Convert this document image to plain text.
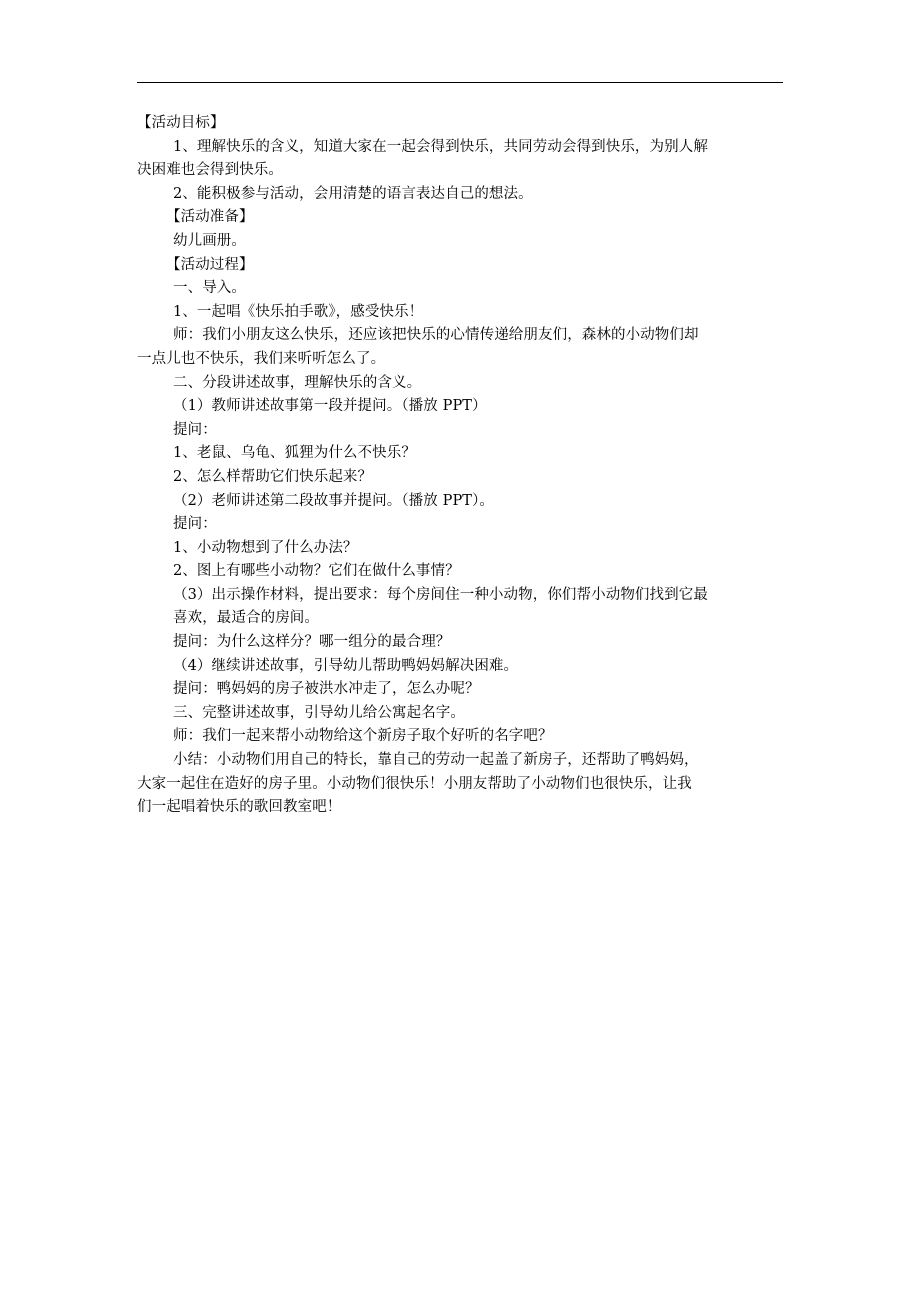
【活动目标】
1、理解快乐的含义，知道大家在一起会得到快乐，共同劳动会得到快乐，为别人解
决困难也会得到快乐。
2、能积极参与活动，会用清楚的语言表达自己的想法。
【活动准备】
幼儿画册。
【活动过程】
一、导入。
1、一起唱《快乐拍手歌》，感受快乐！
师：我们小朋友这么快乐，还应该把快乐的心情传递给朋友们，森林的小动物们却
一点儿也不快乐，我们来听听怎么了。
二、分段讲述故事，理解快乐的含义。
（1）教师讲述故事第一段并提问。（播放 PPT）
提问：
1、老鼠、乌龟、狐狸为什么不快乐？
2、怎么样帮助它们快乐起来？
（2）老师讲述第二段故事并提问。（播放 PPT）。
提问：
1、小动物想到了什么办法？
2、图上有哪些小动物？它们在做什么事情？
（3）出示操作材料，提出要求：每个房间住一种小动物，你们帮小动物们找到它最
喜欢，最适合的房间。
提问：为什么这样分？哪一组分的最合理？
（4）继续讲述故事，引导幼儿帮助鸭妈妈解决困难。
提问：鸭妈妈的房子被洪水冲走了，怎么办呢？
三、完整讲述故事，引导幼儿给公寓起名字。
师：我们一起来帮小动物给这个新房子取个好听的名字吧？
小结：小动物们用自己的特长，靠自己的劳动一起盖了新房子，还帮助了鸭妈妈，
大家一起住在造好的房子里。小动物们很快乐！小朋友帮助了小动物们也很快乐，让我
们一起唱着快乐的歌回教室吧！
